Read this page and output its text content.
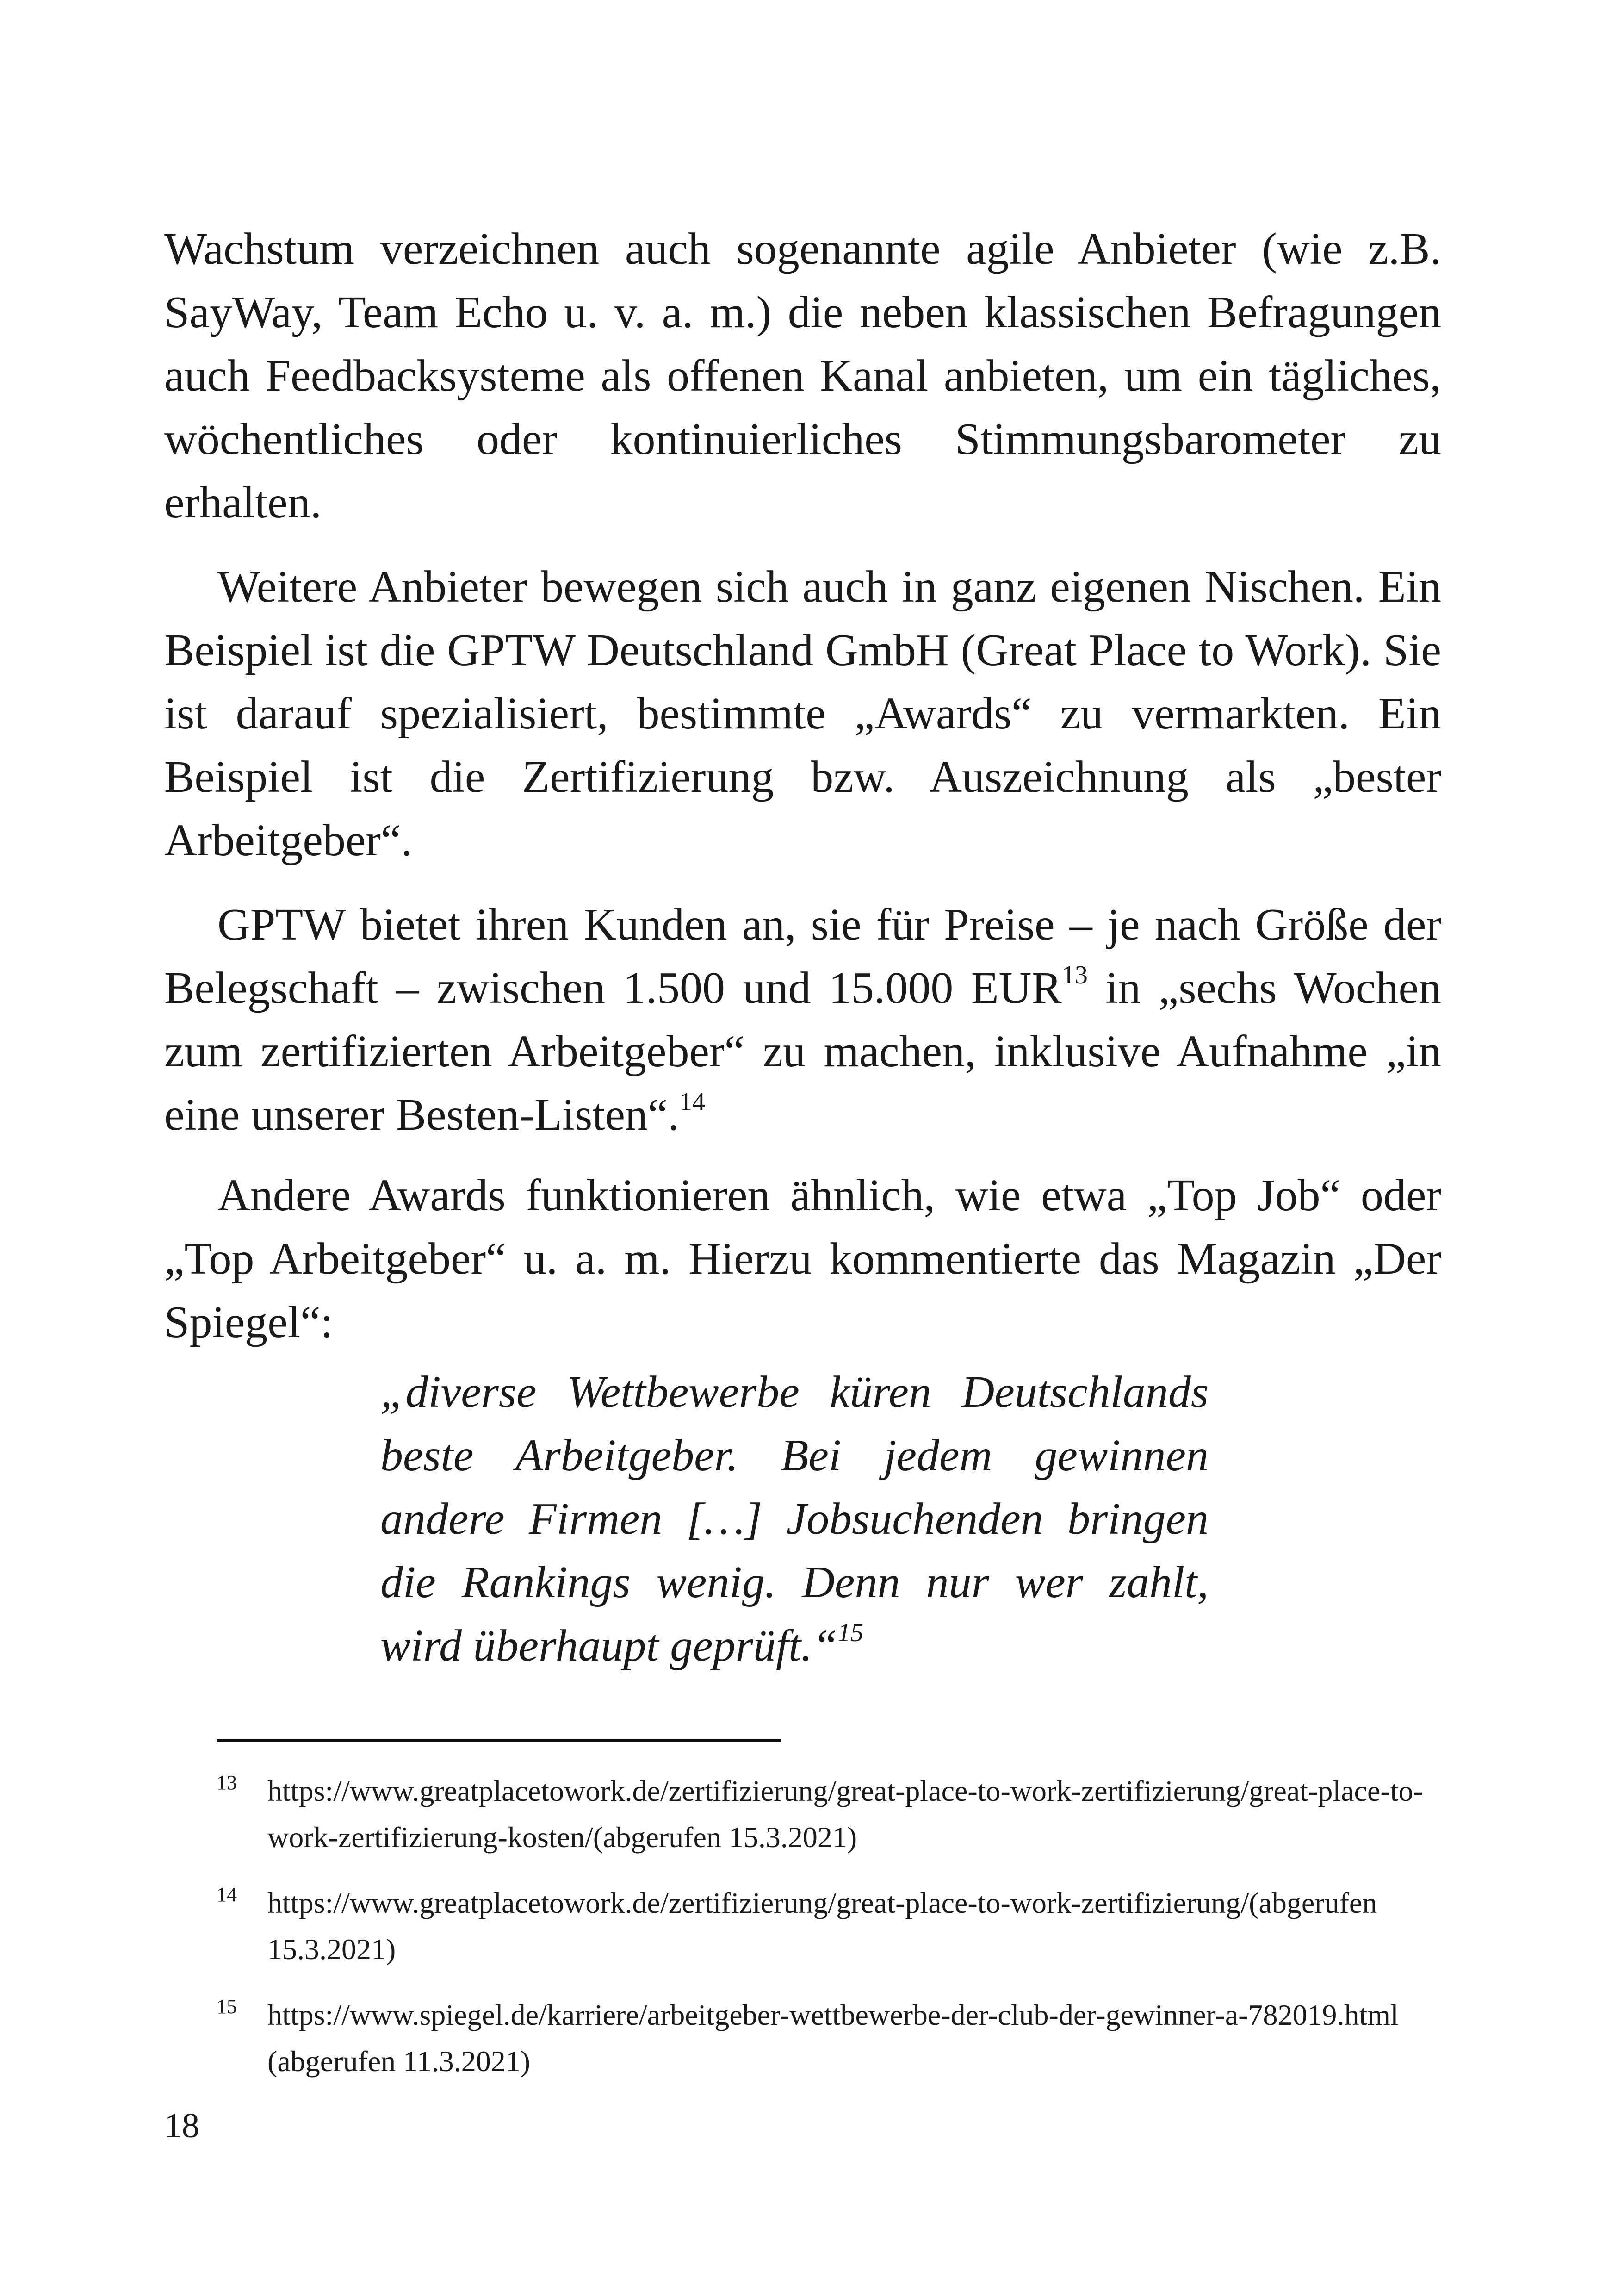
Wachstum verzeichnen auch sogenannte agile Anbieter (wie z.B. SayWay, Team Echo u. v. a. m.) die neben klassischen Befragungen auch Feedbacksysteme als offenen Kanal anbieten, um ein tägliches, wöchentliches oder kontinuierliches Stimmungsbarometer zu erhalten.

Weitere Anbieter bewegen sich auch in ganz eigenen Nischen. Ein Beispiel ist die GPTW Deutschland GmbH (Great Place to Work). Sie ist darauf spezialisiert, bestimmte „Awards“ zu vermarkten. Ein Beispiel ist die Zertifizierung bzw. Auszeichnung als „bester Arbeitgeber“.

GPTW bietet ihren Kunden an, sie für Preise – je nach Größe der Belegschaft – zwischen 1.500 und 15.000 EUR$^{13}$ in „sechs Wochen zum zertifizierten Arbeitgeber“ zu machen, inklusive Aufnahme „in eine unserer Besten-Listen“.$^{14}$

Andere Awards funktionieren ähnlich, wie etwa „Top Job“ oder „Top Arbeitgeber“ u. a. m. Hierzu kommentierte das Magazin „Der Spiegel“:

„diverse Wettbewerbe küren Deutschlands beste Arbeitgeber. Bei jedem gewinnen andere Firmen […] Jobsuchenden bringen die Rankings wenig. Denn nur wer zahlt, wird überhaupt geprüft.“$^{15}$

13 https://www.greatplacetowork.de/zertifizierung/great-place-to-work-zertifizierung/great-place-to-work-zertifizierung-kosten/(abgerufen 15.3.2021)

14 https://www.greatplacetowork.de/zertifizierung/great-place-to-work-zertifizierung/(abgerufen 15.3.2021)

15 https://www.spiegel.de/karriere/arbeitgeber-wettbewerbe-der-club-der-gewinner-a-782019.html (abgerufen 11.3.2021)

18
